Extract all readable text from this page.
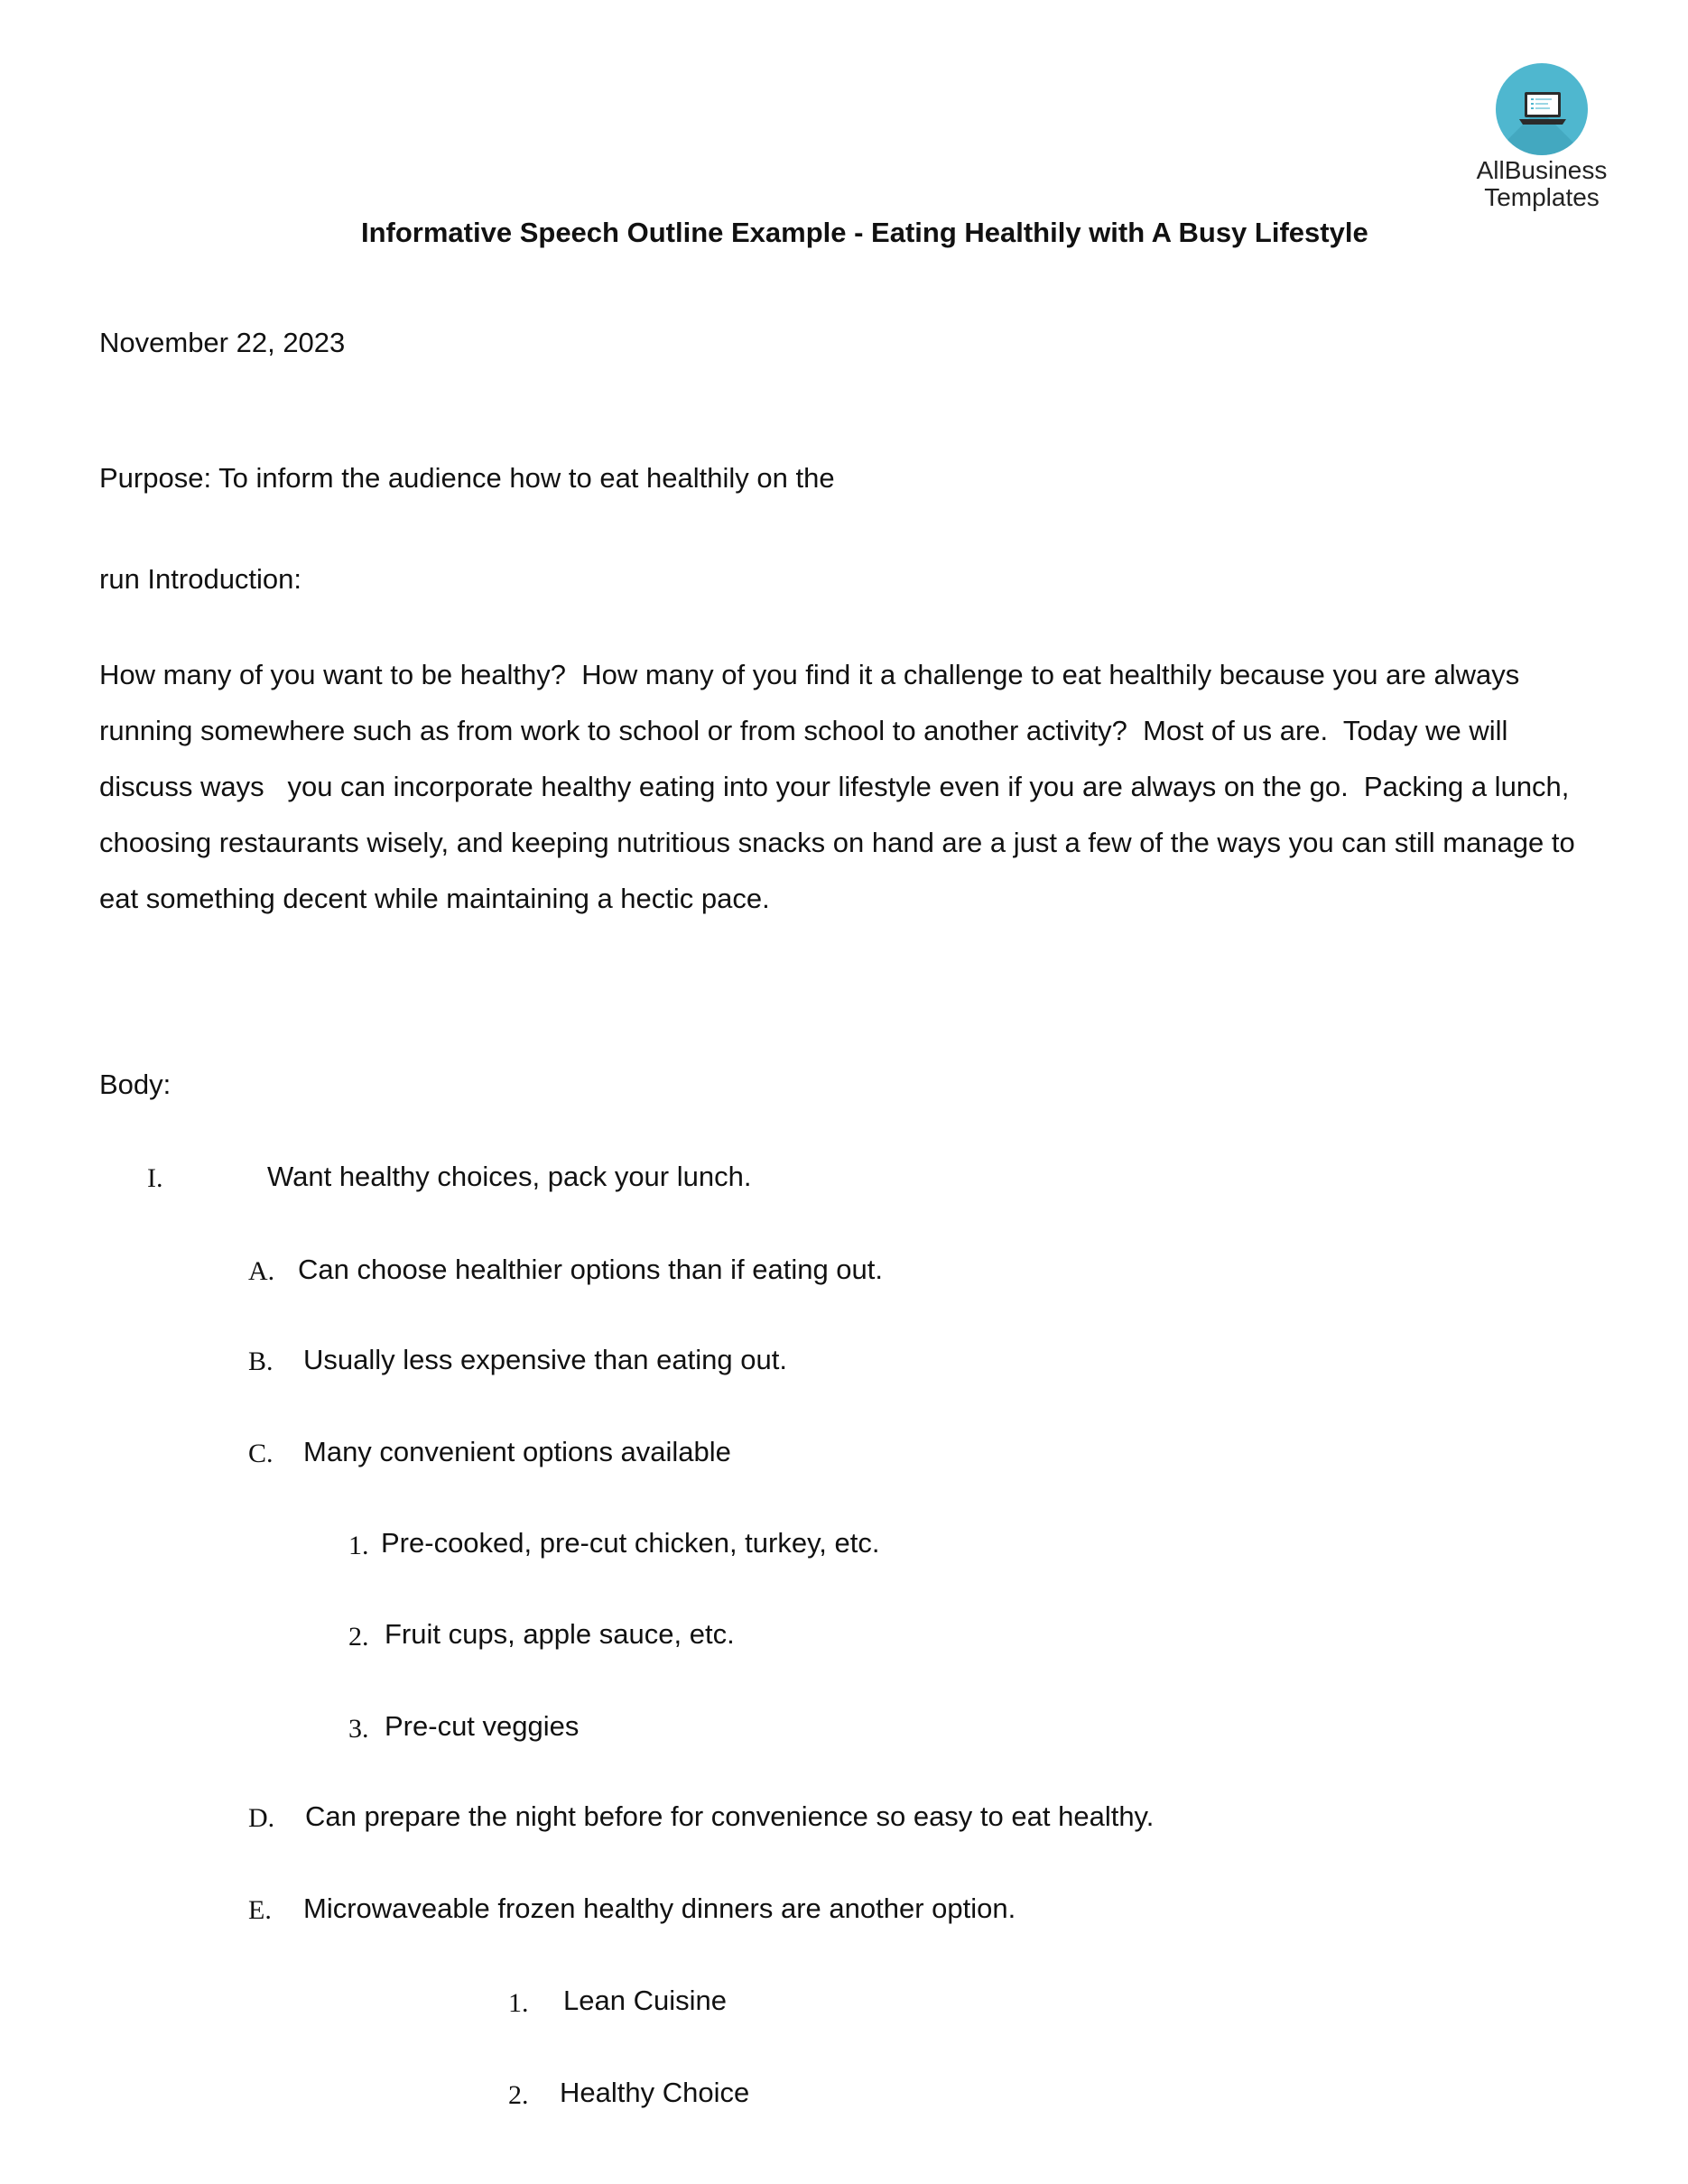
AllBusiness
Templates
Informative Speech Outline Example - Eating Healthily with A Busy Lifestyle
November 22, 2023
Purpose: To inform the audience how to eat healthily on the
run Introduction:
How many of you want to be healthy?  How many of you find it a challenge to eat healthily because you are always
running somewhere such as from work to school or from school to another activity?  Most of us are.  Today we will
discuss ways   you can incorporate healthy eating into your lifestyle even if you are always on the go.  Packing a lunch,
choosing restaurants wisely, and keeping nutritious snacks on hand are a just a few of the ways you can still manage to
eat something decent while maintaining a hectic pace.
Body:
I.	Want healthy choices, pack your lunch.
A. Can choose healthier options than if eating out.
B. Usually less expensive than eating out.
C. Many convenient options available
1. Pre-cooked, pre-cut chicken, turkey, etc.
2. Fruit cups, apple sauce, etc.
3. Pre-cut veggies
D. Can prepare the night before for convenience so easy to eat healthy.
E. Microwaveable frozen healthy dinners are another option.
1. Lean Cuisine
2. Healthy Choice
